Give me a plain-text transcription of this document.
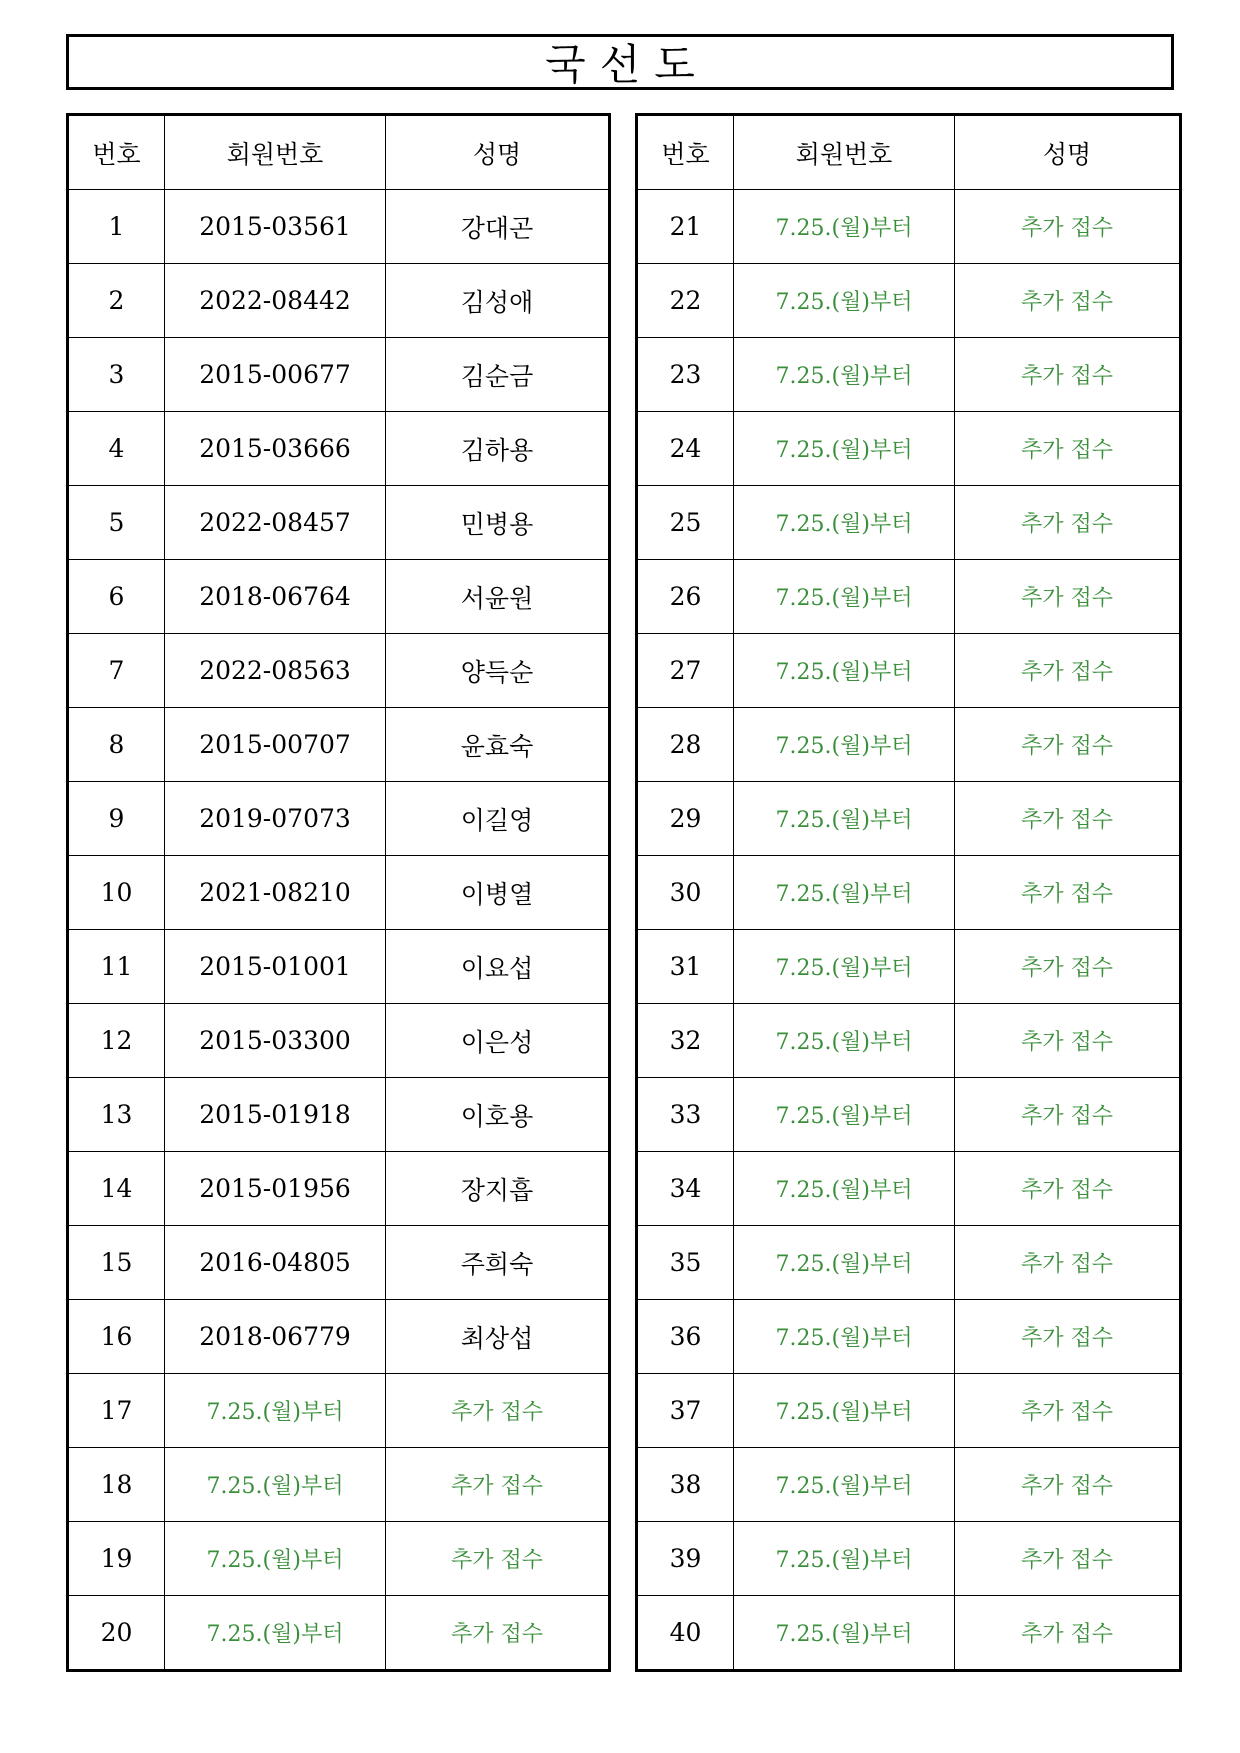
국선도
번호	회원번호	성명
1	2015-03561	강대곤
2	2022-08442	김성애
3	2015-00677	김순금
4	2015-03666	김하용
5	2022-08457	민병용
6	2018-06764	서윤원
7	2022-08563	양득순
8	2015-00707	윤효숙
9	2019-07073	이길영
10	2021-08210	이병열
11	2015-01001	이요섭
12	2015-03300	이은성
13	2015-01918	이호용
14	2015-01956	장지흡
15	2016-04805	주희숙
16	2018-06779	최상섭
17	7.25.(월)부터	추가 접수
18	7.25.(월)부터	추가 접수
19	7.25.(월)부터	추가 접수
20	7.25.(월)부터	추가 접수
번호	회원번호	성명
21	7.25.(월)부터	추가 접수
22	7.25.(월)부터	추가 접수
23	7.25.(월)부터	추가 접수
24	7.25.(월)부터	추가 접수
25	7.25.(월)부터	추가 접수
26	7.25.(월)부터	추가 접수
27	7.25.(월)부터	추가 접수
28	7.25.(월)부터	추가 접수
29	7.25.(월)부터	추가 접수
30	7.25.(월)부터	추가 접수
31	7.25.(월)부터	추가 접수
32	7.25.(월)부터	추가 접수
33	7.25.(월)부터	추가 접수
34	7.25.(월)부터	추가 접수
35	7.25.(월)부터	추가 접수
36	7.25.(월)부터	추가 접수
37	7.25.(월)부터	추가 접수
38	7.25.(월)부터	추가 접수
39	7.25.(월)부터	추가 접수
40	7.25.(월)부터	추가 접수
